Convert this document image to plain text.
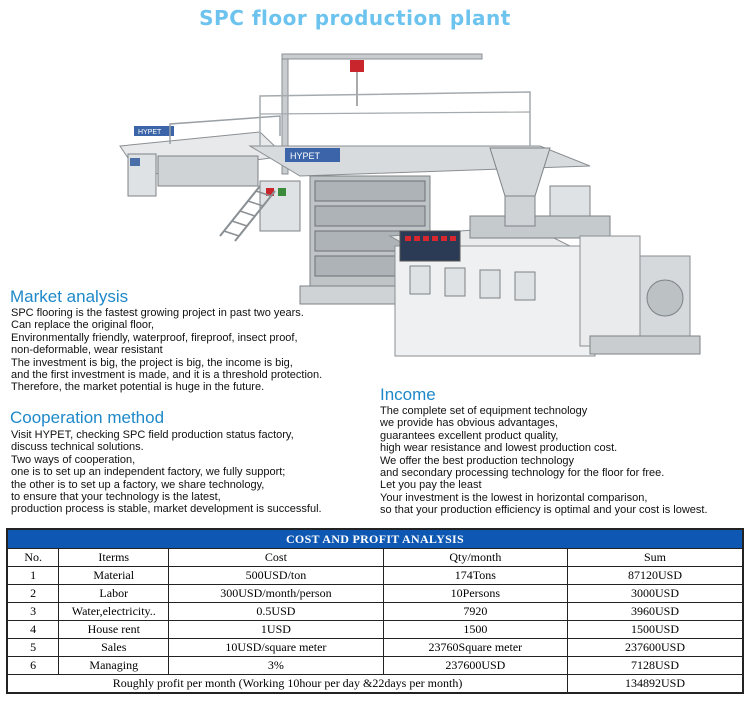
SPC floor production plant
HYPET
HYPET
Market analysis
SPC flooring is the fastest growing project in past two years.
Can replace the original floor,
Environmentally friendly, waterproof, fireproof, insect proof,
non-deformable, wear resistant
The investment is big, the project is big, the income is big,
and the first investment is made, and it is a threshold protection.
Therefore, the market potential is huge in the future.
Cooperation method
Visit HYPET, checking SPC field production status factory,
discuss technical solutions.
Two ways of cooperation,
one is to set up an independent factory, we fully support;
the other is to set up a factory, we share technology,
to ensure that your technology is the latest,
production process is stable, market development is successful.
Income
The complete set of equipment technology
we provide has obvious advantages,
guarantees excellent product quality,
high wear resistance and lowest production cost.
We offer the best production technology
and secondary processing technology for the floor for free.
Let you pay the least
Your investment is the lowest in horizontal comparison,
so that your production efficiency is optimal and your cost is lowest.
COST AND PROFIT ANALYSIS				
No.	Iterms	Cost	Qty/month	Sum
1	Material	500USD/ton	174Tons	87120USD
2	Labor	300USD/month/person	10Persons	3000USD
3	Water,electricity..	0.5USD	7920	3960USD
4	House rent	1USD	1500	1500USD
5	Sales	10USD/square meter	23760Square meter	237600USD
6	Managing	3%	237600USD	7128USD
Roughly profit per month (Working 10hour per day &22days per month)				134892USD
